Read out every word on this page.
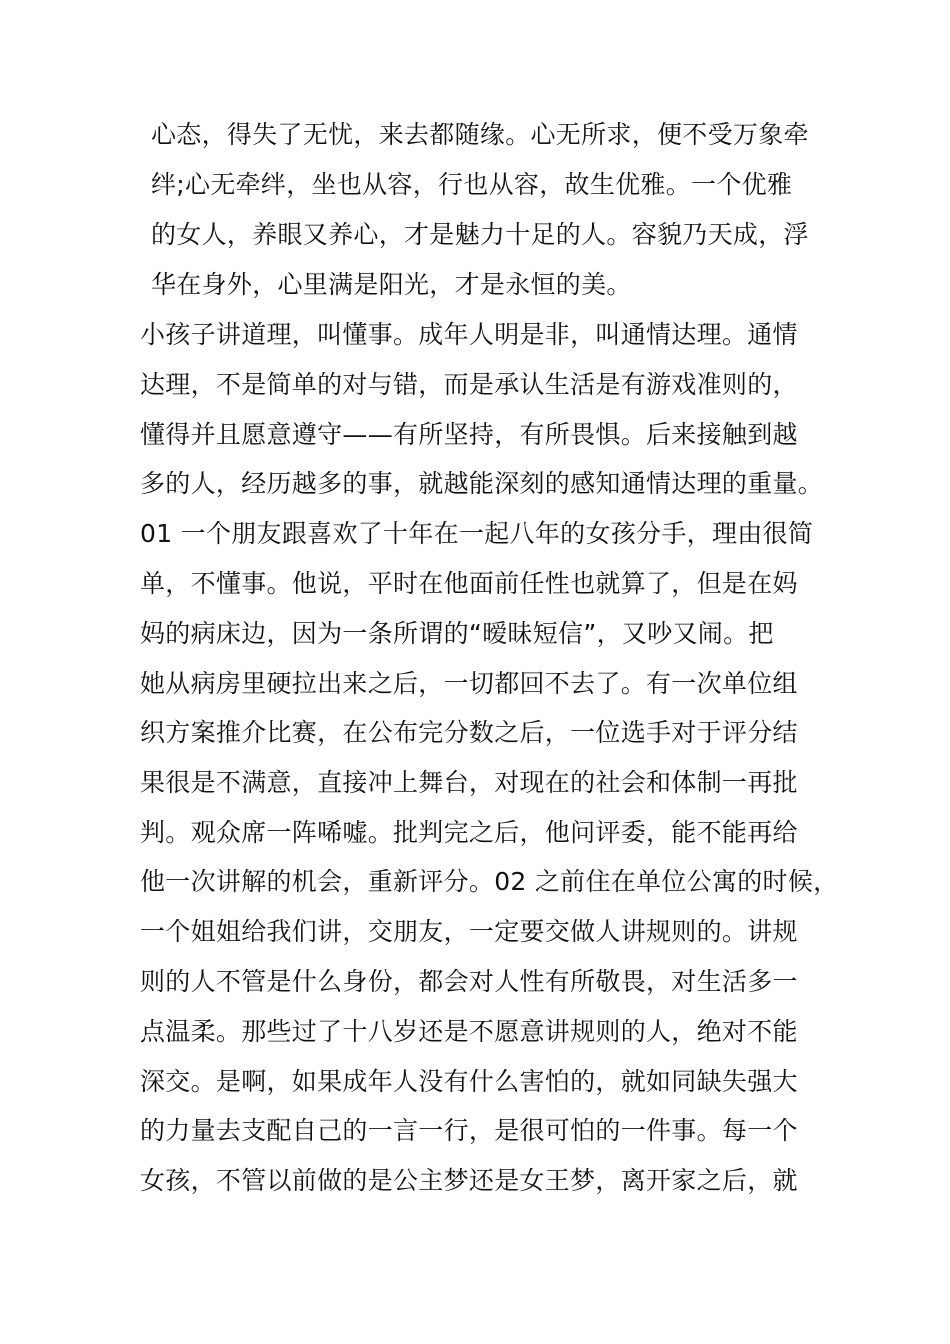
心态，得失了无忧，来去都随缘。心无所求，便不受万象牵
绊;心无牵绊，坐也从容，行也从容，故生优雅。一个优雅
的女人，养眼又养心，才是魅力十足的人。容貌乃天成，浮
华在身外，心里满是阳光，才是永恒的美。
小孩子讲道理，叫懂事。成年人明是非，叫通情达理。通情
达理，不是简单的对与错，而是承认生活是有游戏准则的，
懂得并且愿意遵守——有所坚持，有所畏惧。后来接触到越
多的人，经历越多的事，就越能深刻的感知通情达理的重量。
01 一个朋友跟喜欢了十年在一起八年的女孩分手，理由很简
单，不懂事。他说，平时在他面前任性也就算了，但是在妈
妈的病床边，因为一条所谓的“暧昧短信”，又吵又闹。把
她从病房里硬拉出来之后，一切都回不去了。有一次单位组
织方案推介比赛，在公布完分数之后，一位选手对于评分结
果很是不满意，直接冲上舞台，对现在的社会和体制一再批
判。观众席一阵唏嘘。批判完之后，他问评委，能不能再给
他一次讲解的机会，重新评分。02 之前住在单位公寓的时候，
一个姐姐给我们讲，交朋友，一定要交做人讲规则的。讲规
则的人不管是什么身份，都会对人性有所敬畏，对生活多一
点温柔。那些过了十八岁还是不愿意讲规则的人，绝对不能
深交。是啊，如果成年人没有什么害怕的，就如同缺失强大
的力量去支配自己的一言一行，是很可怕的一件事。每一个
女孩，不管以前做的是公主梦还是女王梦，离开家之后，就
